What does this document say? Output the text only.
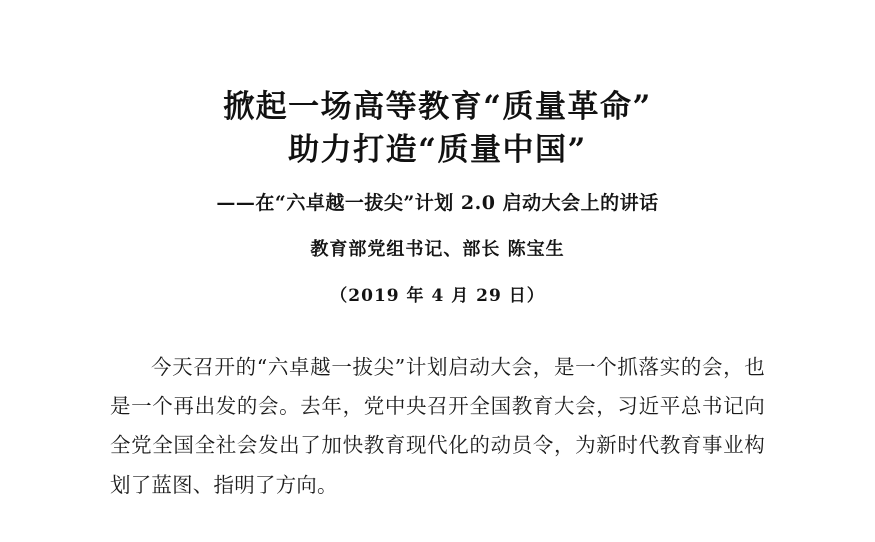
掀起一场高等教育“质量革命”
助力打造“质量中国”
——在“六卓越一拔尖”计划 2.0 启动大会上的讲话
教育部党组书记、部长 陈宝生
（2019 年 4 月 29 日）

今天召开的“六卓越一拔尖”计划启动大会，是一个抓落实的会，也是一个再出发的会。去年，党中央召开全国教育大会，习近平总书记向全党全国全社会发出了加快教育现代化的动员令，为新时代教育事业构划了蓝图、指明了方向。
